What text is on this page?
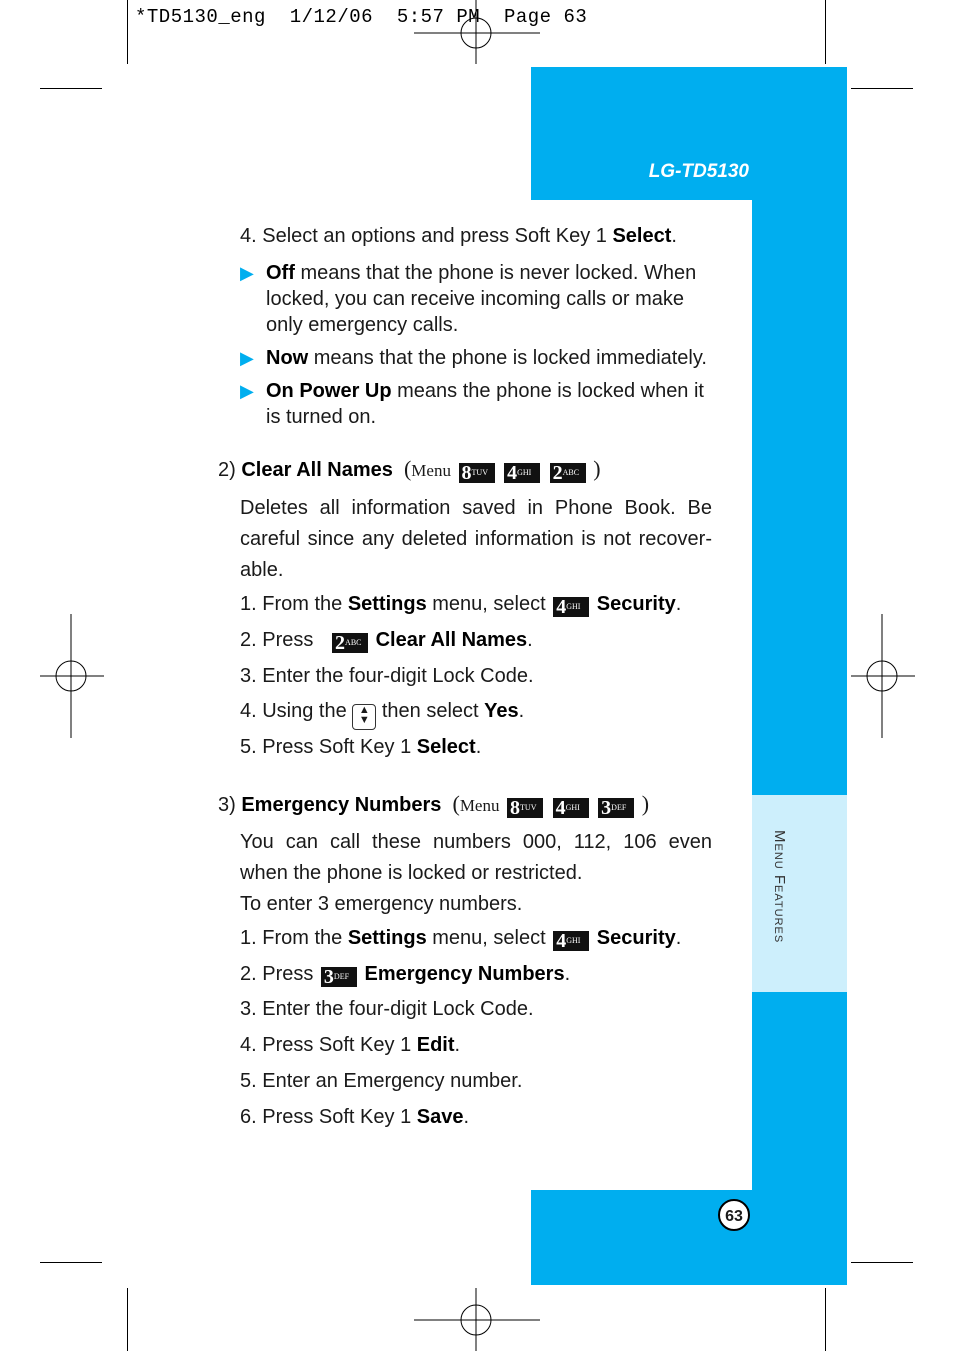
*TD5130_eng  1/12/06  5:57 PM  Page 63
LG-TD5130
Menu Features
63
4. Select an options and press Soft Key 1 Select.
▶ Off means that the phone is never locked. When locked, you can receive incoming calls or make only emergency calls.
▶ Now means that the phone is locked immediately.
▶ On Power Up means the phone is locked when it is turned on.
2) Clear All Names  (Menu $8^{TUV}$ $4^{GHI}$ $2^{ABC}$ )
Deletes all information saved in Phone Book. Be careful since any deleted information is not recover-able.
1. From the Settings menu, select $4^{GHI}$ Security.
2. Press   $2^{ABC}$ Clear All Names.
3. Enter the four-digit Lock Code.
4. Using the ▲
▼ then select Yes.
5. Press Soft Key 1 Select.
3) Emergency Numbers  (Menu $8^{TUV}$ $4^{GHI}$ $3^{DEF}$ )
You can call these numbers 000, 112, 106 even when the phone is locked or restricted.
To enter 3 emergency numbers.
1. From the Settings menu, select $4^{GHI}$ Security.
2. Press $3^{DEF}$ Emergency Numbers.
3. Enter the four-digit Lock Code.
4. Press Soft Key 1 Edit.
5. Enter an Emergency number.
6. Press Soft Key 1 Save.
